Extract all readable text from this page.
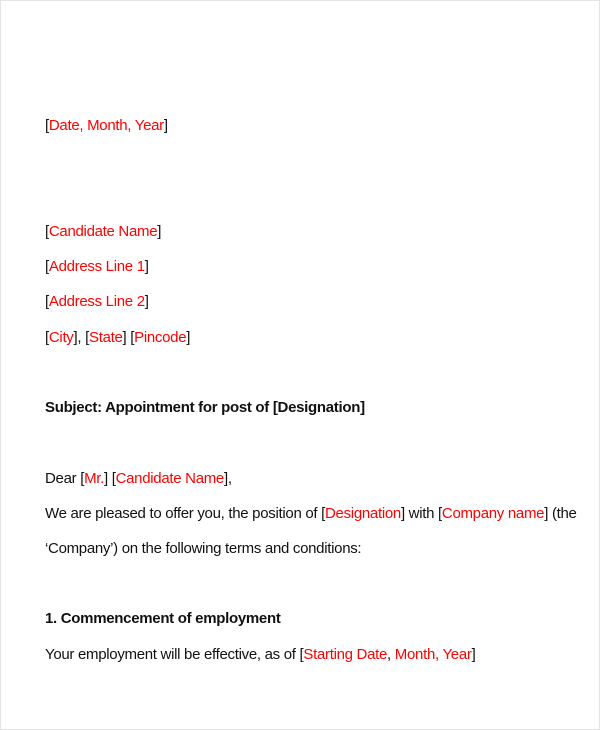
[Date, Month, Year]
[Candidate Name]
[Address Line 1]
[Address Line 2]
[City], [State] [Pincode]
Subject: Appointment for post of [Designation]
Dear [Mr.] [Candidate Name],
We are pleased to offer you, the position of [Designation] with [Company name] (the
‘Company’) on the following terms and conditions:
1. Commencement of employment
Your employment will be effective, as of [Starting Date, Month, Year]
